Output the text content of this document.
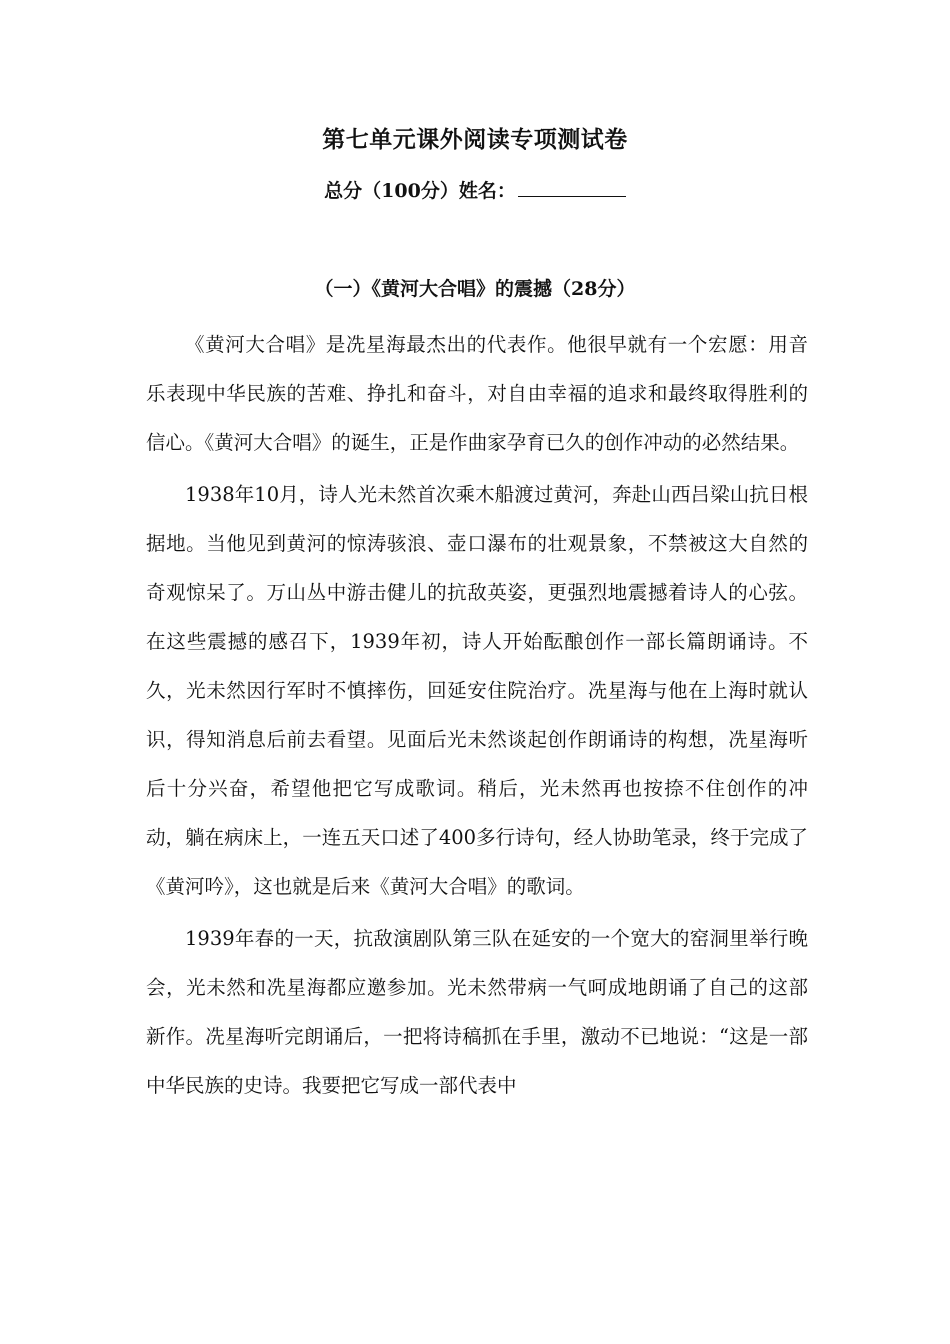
第七单元课外阅读专项测试卷
总分（100分）姓名：
（一）《黄河大合唱》的震撼（28分）

《黄河大合唱》是冼星海最杰出的代表作。他很早就有一个宏愿：用音乐表现中华民族的苦难、挣扎和奋斗，对自由幸福的追求和最终取得胜利的信心。《黄河大合唱》的诞生，正是作曲家孕育已久的创作冲动的必然结果。

1938年10月，诗人光未然首次乘木船渡过黄河，奔赴山西吕梁山抗日根据地。当他见到黄河的惊涛骇浪、壶口瀑布的壮观景象，不禁被这大自然的奇观惊呆了。万山丛中游击健儿的抗敌英姿，更强烈地震撼着诗人的心弦。在这些震撼的感召下，1939年初，诗人开始酝酿创作一部长篇朗诵诗。不久，光未然因行军时不慎摔伤，回延安住院治疗。冼星海与他在上海时就认识，得知消息后前去看望。见面后光未然谈起创作朗诵诗的构想，冼星海听后十分兴奋，希望他把它写成歌词。稍后，光未然再也按捺不住创作的冲动，躺在病床上，一连五天口述了400多行诗句，经人协助笔录，终于完成了《黄河吟》，这也就是后来《黄河大合唱》的歌词。

1939年春的一天，抗敌演剧队第三队在延安的一个宽大的窑洞里举行晚会，光未然和冼星海都应邀参加。光未然带病一气呵成地朗诵了自己的这部新作。冼星海听完朗诵后，一把将诗稿抓在手里，激动不已地说：“这是一部中华民族的史诗。我要把它写成一部代表中
